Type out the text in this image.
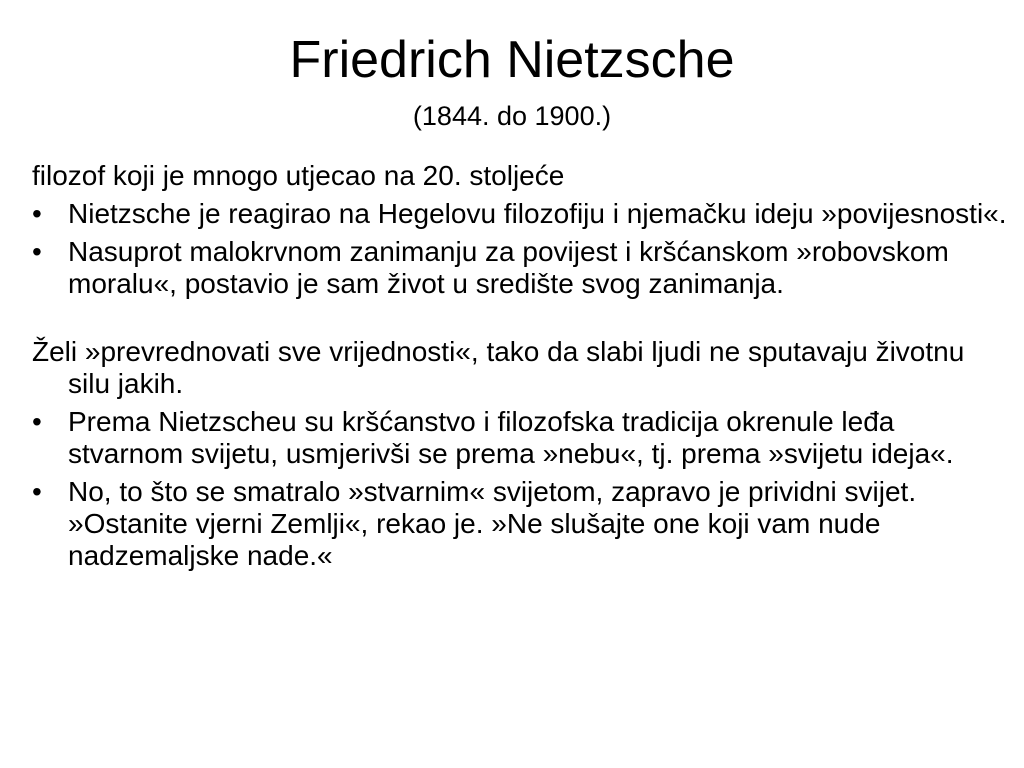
Friedrich Nietzsche
(1844. do 1900.)

filozof koji je mnogo utjecao na 20. stoljeće

• Nietzsche je reagirao na Hegelovu filozofiju i njemačku ideju »povijesnosti«.
• Nasuprot malokrvnom zanimanju za povijest i kršćanskom »robovskom moralu«, postavio je sam život u središte svog zanimanja.

Želi »prevrednovati sve vrijednosti«, tako da slabi ljudi ne sputavaju životnu silu jakih.

• Prema Nietzscheu su kršćanstvo i filozofska tradicija okrenule leđa stvarnom svijetu, usmjerivši se prema »nebu«, tj. prema »svijetu ideja«.
• No, to što se smatralo »stvarnim« svijetom, zapravo je prividni svijet. »Ostanite vjerni Zemlji«, rekao je. »Ne slušajte one koji vam nude nadzemaljske nade.«
